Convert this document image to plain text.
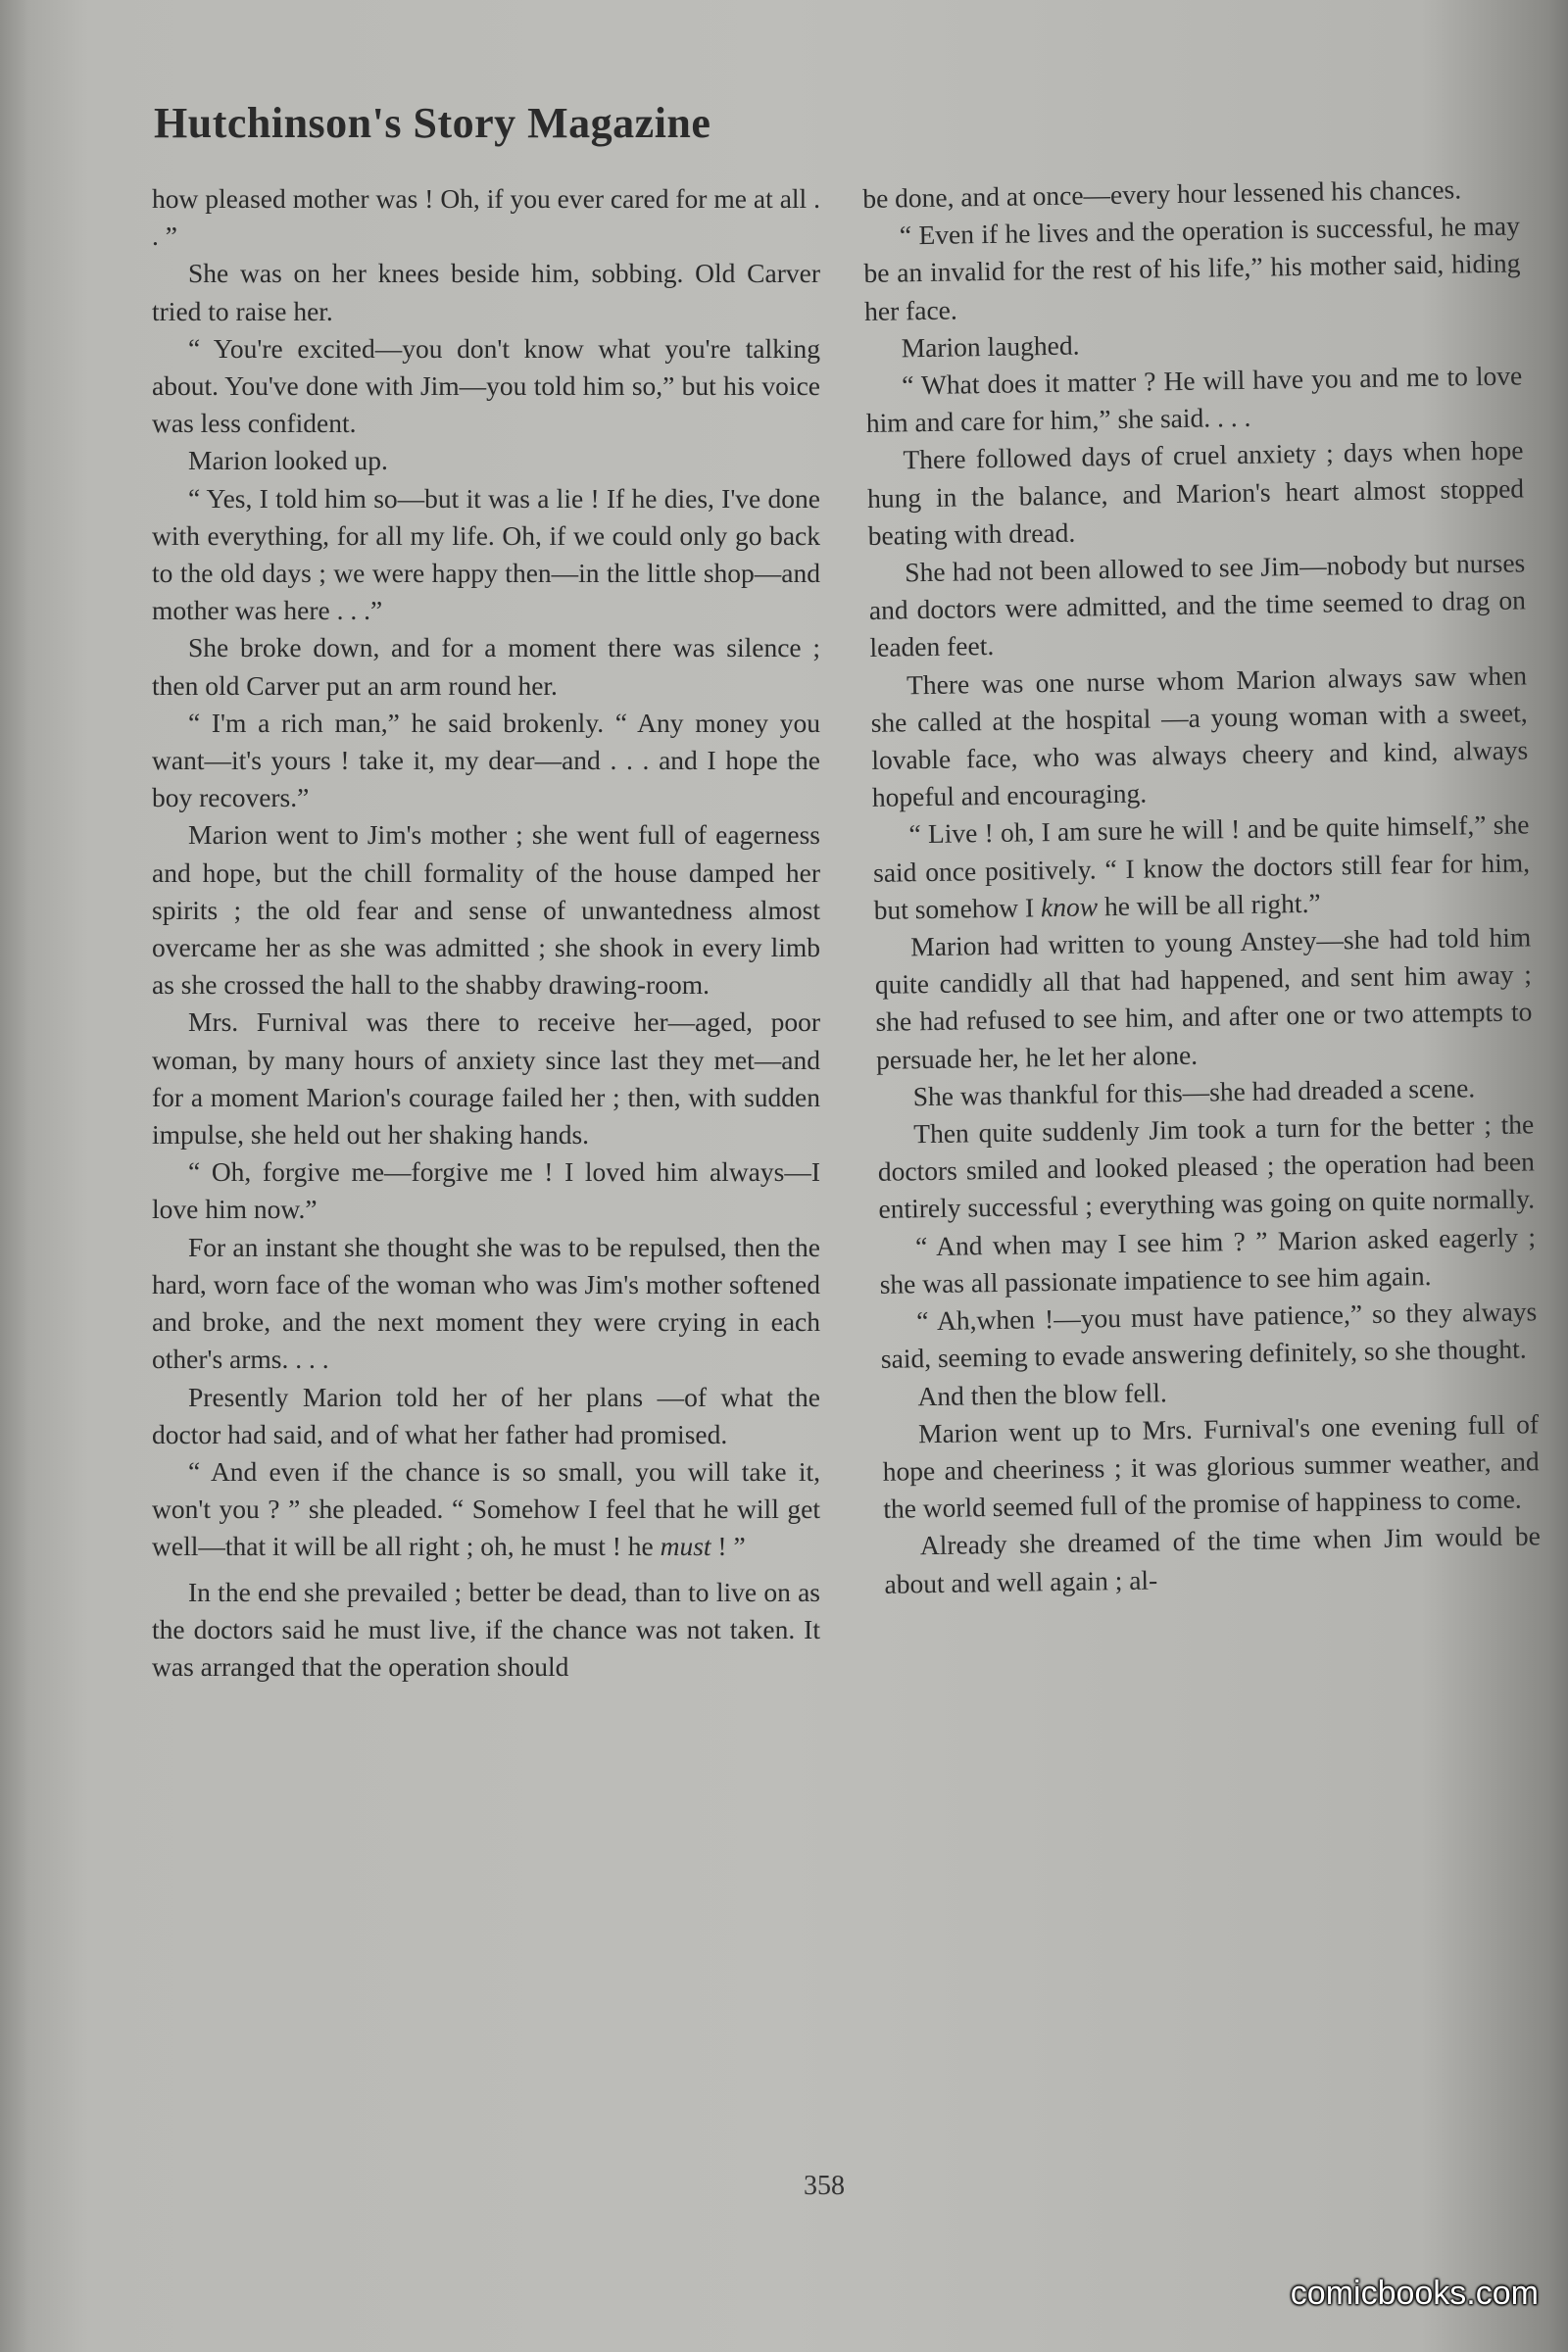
Hutchinson's Story Magazine

how pleased mother was ! Oh, if you ever cared for me at all . . ”

She was on her knees beside him, sobbing. Old Carver tried to raise her.

“ You're excited—you don't know what you're talking about. You've done with Jim—you told him so,” but his voice was less confident.

Marion looked up.

“ Yes, I told him so—but it was a lie ! If he dies, I've done with everything, for all my life. Oh, if we could only go back to the old days ; we were happy then—in the little shop—and mother was here . . .”

She broke down, and for a moment there was silence ; then old Carver put an arm round her.

“ I'm a rich man,” he said brokenly. “ Any money you want—it's yours ! take it, my dear—and . . . and I hope the boy recovers.”

Marion went to Jim's mother ; she went full of eagerness and hope, but the chill formality of the house damped her spirits ; the old fear and sense of unwantedness almost overcame her as she was admitted ; she shook in every limb as she crossed the hall to the shabby drawing-room.

Mrs. Furnival was there to receive her—aged, poor woman, by many hours of anxiety since last they met—and for a moment Marion's courage failed her ; then, with sudden impulse, she held out her shaking hands.

“ Oh, forgive me—forgive me ! I loved him always—I love him now.”

For an instant she thought she was to be repulsed, then the hard, worn face of the woman who was Jim's mother softened and broke, and the next moment they were crying in each other's arms. . . .

Presently Marion told her of her plans —of what the doctor had said, and of what her father had promised.

“ And even if the chance is so small, you will take it, won't you ? ” she pleaded. “ Somehow I feel that he will get well—that it will be all right ; oh, he must ! he must ! ”

In the end she prevailed ; better be dead, than to live on as the doctors said he must live, if the chance was not taken. It was arranged that the operation should

be done, and at once—every hour lessened his chances.

“ Even if he lives and the operation is successful, he may be an invalid for the rest of his life,” his mother said, hiding her face.

Marion laughed.

“ What does it matter ? He will have you and me to love him and care for him,” she said. . . .

There followed days of cruel anxiety ; days when hope hung in the balance, and Marion's heart almost stopped beating with dread.

She had not been allowed to see Jim—nobody but nurses and doctors were admitted, and the time seemed to drag on leaden feet.

There was one nurse whom Marion always saw when she called at the hospital —a young woman with a sweet, lovable face, who was always cheery and kind, always hopeful and encouraging.

“ Live ! oh, I am sure he will ! and be quite himself,” she said once positively. “ I know the doctors still fear for him, but somehow I know he will be all right.”

Marion had written to young Anstey—she had told him quite candidly all that had happened, and sent him away ; she had refused to see him, and after one or two attempts to persuade her, he let her alone.

She was thankful for this—she had dreaded a scene.

Then quite suddenly Jim took a turn for the better ; the doctors smiled and looked pleased ; the operation had been entirely successful ; everything was going on quite normally.

“ And when may I see him ? ” Marion asked eagerly ; she was all passionate impatience to see him again.

“ Ah,when !—you must have patience,” so they always said, seeming to evade answering definitely, so she thought.

And then the blow fell.

Marion went up to Mrs. Furnival's one evening full of hope and cheeriness ; it was glorious summer weather, and the world seemed full of the promise of happiness to come.

Already she dreamed of the time when Jim would be about and well again ; al-

358
comicbooks.com
